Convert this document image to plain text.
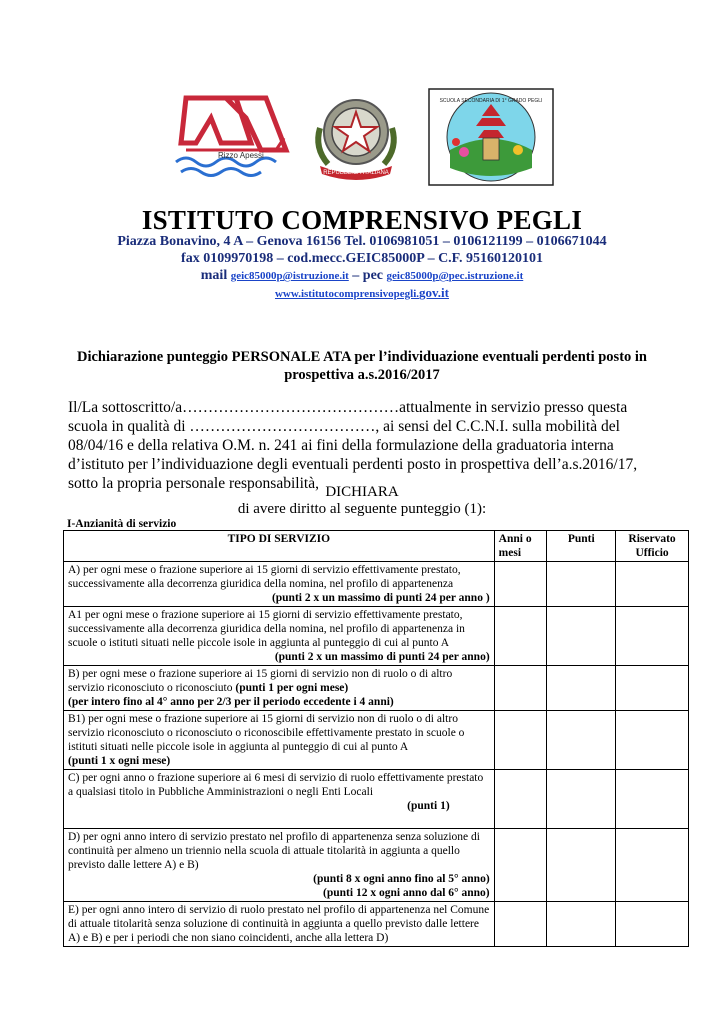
Rizzo Apessi
REPUBBLICA ITALIANA
SCUOLA SECONDARIA DI 1° GRADO PEGLI
ISTITUTO COMPRENSIVO PEGLI
Piazza Bonavino, 4 A – Genova 16156 Tel. 0106981051 – 0106121199 – 0106671044
fax 0109970198 – cod.mecc.GEIC85000P – C.F. 95160120101
mail geic85000p@istruzione.it – pec geic85000p@pec.istruzione.it
www.istitutocomprensivopegli.gov.it
Dichiarazione punteggio PERSONALE ATA per l’individuazione eventuali perdenti posto in prospettiva a.s.2016/2017
Il/La sottoscritto/a……………………………………attualmente in servizio presso questa scuola in qualità di ………………………………, ai sensi del C.C.N.I. sulla mobilità del 08/04/16 e della relativa O.M. n. 241 ai fini della formulazione della graduatoria interna d’istituto per l’individuazione degli eventuali perdenti posto in prospettiva dell’a.s.2016/17, sotto la propria personale responsabilità, DICHIARA
di avere diritto al seguente punteggio (1):
I-Anzianità di servizio
TIPO DI SERVIZIO	Anni o mesi	Punti	Riservato Ufficio

A) per ogni mese o frazione superiore ai 15 giorni di servizio effettivamente prestato, successivamente alla decorrenza giuridica della nomina, nel profilo di appartenenza
(punti 2 x un massimo di punti 24 per anno )			

A1 per ogni mese o frazione superiore ai 15 giorni di servizio effettivamente prestato, successivamente alla decorrenza giuridica della nomina, nel profilo di appartenenza in scuole o istituti situati nelle piccole isole in aggiunta al punteggio di cui al punto A
(punti 2 x un massimo di punti 24 per anno)			

B) per ogni mese o frazione superiore ai 15 giorni di servizio non di ruolo o di altro servizio riconosciuto o riconosciuto (punti 1 per ogni mese)
(per intero fino al 4° anno per 2/3 per il periodo eccedente i 4 anni)			

B1) per ogni mese o frazione superiore ai 15 giorni di servizio non di ruolo o di altro servizio riconosciuto o riconosciuto o riconoscibile effettivamente prestato in scuole o istituti situati nelle piccole isole in aggiunta al punteggio di cui al punto A
(punti 1 x ogni mese)			

C) per ogni anno o frazione superiore ai 6 mesi di servizio di ruolo effettivamente prestato a qualsiasi titolo in Pubbliche Amministrazioni o negli Enti Locali
(punti 1)			

D) per ogni anno intero di servizio prestato nel profilo di appartenenza senza soluzione di continuità per almeno un triennio nella scuola di attuale titolarità in aggiunta a quello previsto dalle lettere A) e B)
(punti 8 x ogni anno fino al 5° anno)
(punti 12 x ogni anno dal 6° anno)			

E) per ogni anno intero di servizio di ruolo prestato nel profilo di appartenenza nel Comune di attuale titolarità senza soluzione di continuità in aggiunta a quello previsto dalle lettere A) e B) e per i periodi che non siano coincidenti, anche alla lettera D)			
